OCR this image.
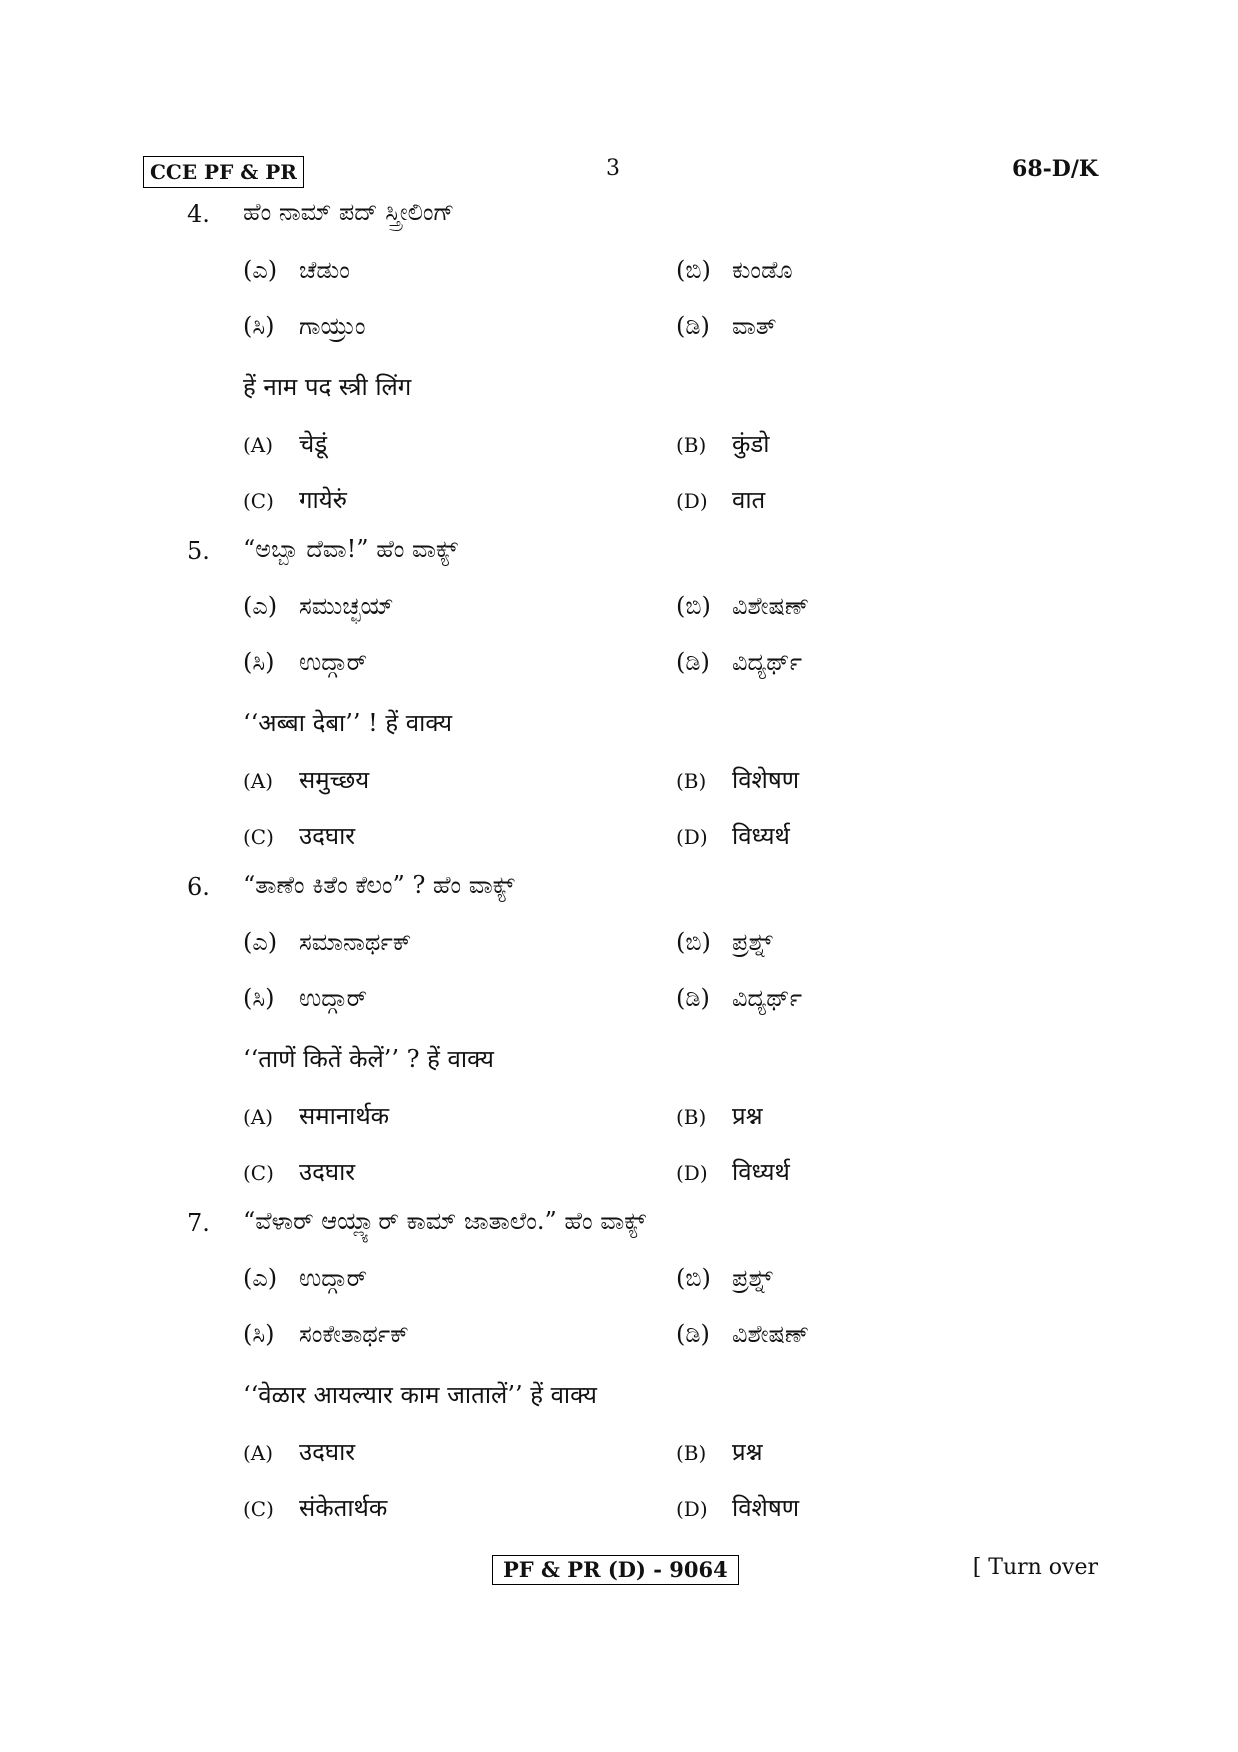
CCE PF & PR	3	68-D/K
4. ಹೆಂ ನಾಮ್ ಪದ್ ಸ್ತ್ರೀಲಿಂಗ್
(ಎ) ಚೆಡುಂ	(ಬಿ) ಕುಂಡೊ
(ಸಿ) ಗಾಯ್ರುಂ	(ಡಿ) ವಾತ್
हें नाम पद स्त्री लिंग
(A) चेडूं	(B) कुंडो
(C) गायेरुं	(D) वात
5. “ಅಬ್ಬಾ ದೆವಾ!” ಹೆಂ ವಾಕ್ಯ್
(ಎ) ಸಮುಚ್ಛಯ್	(ಬಿ) ವಿಶೇಷಣ್
(ಸಿ) ಉದ್ಗಾರ್	(ಡಿ) ವಿದ್ಯರ್ಥ್
‘‘अब्बा देबा’’ ! हें वाक्य
(A) समुच्छय	(B) विशेषण
(C) उदघार	(D) विध्यर्थ
6. “ತಾಣೆಂ ಕಿತೆಂ ಕೆಲಂ” ? ಹೆಂ ವಾಕ್ಯ್
(ಎ) ಸಮಾನಾರ್ಥಕ್	(ಬಿ) ಪ್ರಶ್ನ್
(ಸಿ) ಉದ್ಗಾರ್	(ಡಿ) ವಿದ್ಯರ್ಥ್
‘‘ताणें कितें केलें’’ ? हें वाक्य
(A) समानार्थक	(B) प्रश्न
(C) उदघार	(D) विध्यर्थ
7. “ವೆಳಾರ್ ಆಯ್ಲ್ಯಾರ್ ಕಾಮ್ ಜಾತಾಲೆಂ.” ಹೆಂ ವಾಕ್ಯ್
(ಎ) ಉದ್ಗಾರ್	(ಬಿ) ಪ್ರಶ್ನ್
(ಸಿ) ಸಂಕೇತಾರ್ಥಕ್	(ಡಿ) ವಿಶೇಷಣ್
‘‘वेळार आयल्यार काम जातालें’’ हें वाक्य
(A) उदघार	(B) प्रश्न
(C) संकेतार्थक	(D) विशेषण
PF & PR (D) - 9064	[ Turn over
